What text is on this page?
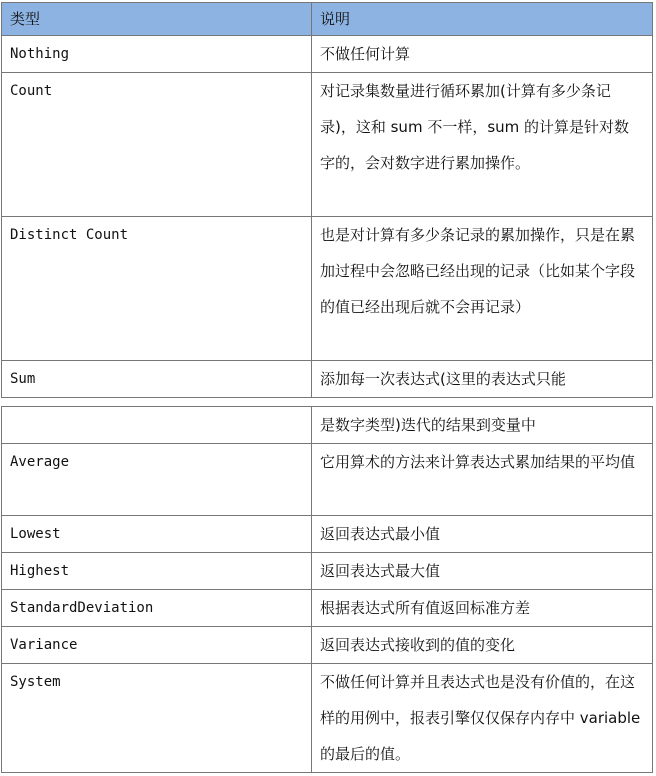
类型	说明
Nothing	不做任何计算
Count	对记录集数量进行循环累加(计算有多少条记录)，这和 sum 不一样，sum 的计算是针对数字的，会对数字进行累加操作。
Distinct Count	也是对计算有多少条记录的累加操作，只是在累加过程中会忽略已经出现的记录（比如某个字段的值已经出现后就不会再记录）
Sum	添加每一次表达式(这里的表达式只能
	是数字类型)迭代的结果到变量中
Average	它用算术的方法来计算表达式累加结果的平均值
Lowest	返回表达式最小值
Highest	返回表达式最大值
StandardDeviation	根据表达式所有值返回标准方差
Variance	返回表达式接收到的值的变化
System	不做任何计算并且表达式也是没有价值的，在这样的用例中，报表引擎仅仅保存内存中 variable 的最后的值。
